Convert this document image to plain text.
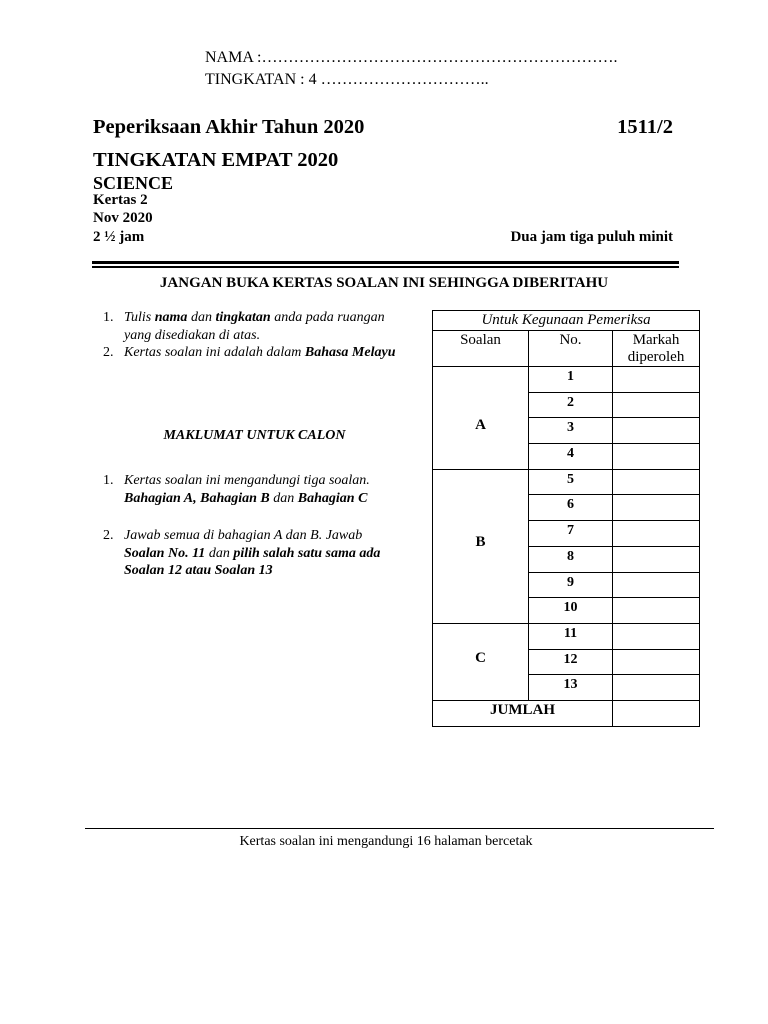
NAMA :………………………………………………………….
TINGKATAN : 4 …………………………..
Peperiksaan Akhir Tahun 2020	1511/2
TINGKATAN EMPAT 2020
SCIENCE
Kertas 2
Nov 2020
2 ½ jam	Dua jam tiga puluh minit
JANGAN BUKA KERTAS SOALAN INI SEHINGGA DIBERITAHU
1. Tulis nama dan tingkatan anda pada ruangan
yang disediakan di atas.
2. Kertas soalan ini adalah dalam Bahasa Melayu
MAKLUMAT UNTUK CALON
1. Kertas soalan ini mengandungi tiga soalan.
Bahagian A, Bahagian B dan Bahagian C
2. Jawab semua di bahagian A dan B. Jawab
Soalan No. 11 dan pilih salah satu sama ada
Soalan 12 atau Soalan 13
Untuk Kegunaan Pemeriksa		
Soalan	No.	Markah diperoleh
A	1	
	2	
	3	
	4	
B	5	
	6	
	7	
	8	
	9	
	10	
C	11	
	12	
	13	
JUMLAH		
Kertas soalan ini mengandungi 16 halaman bercetak
